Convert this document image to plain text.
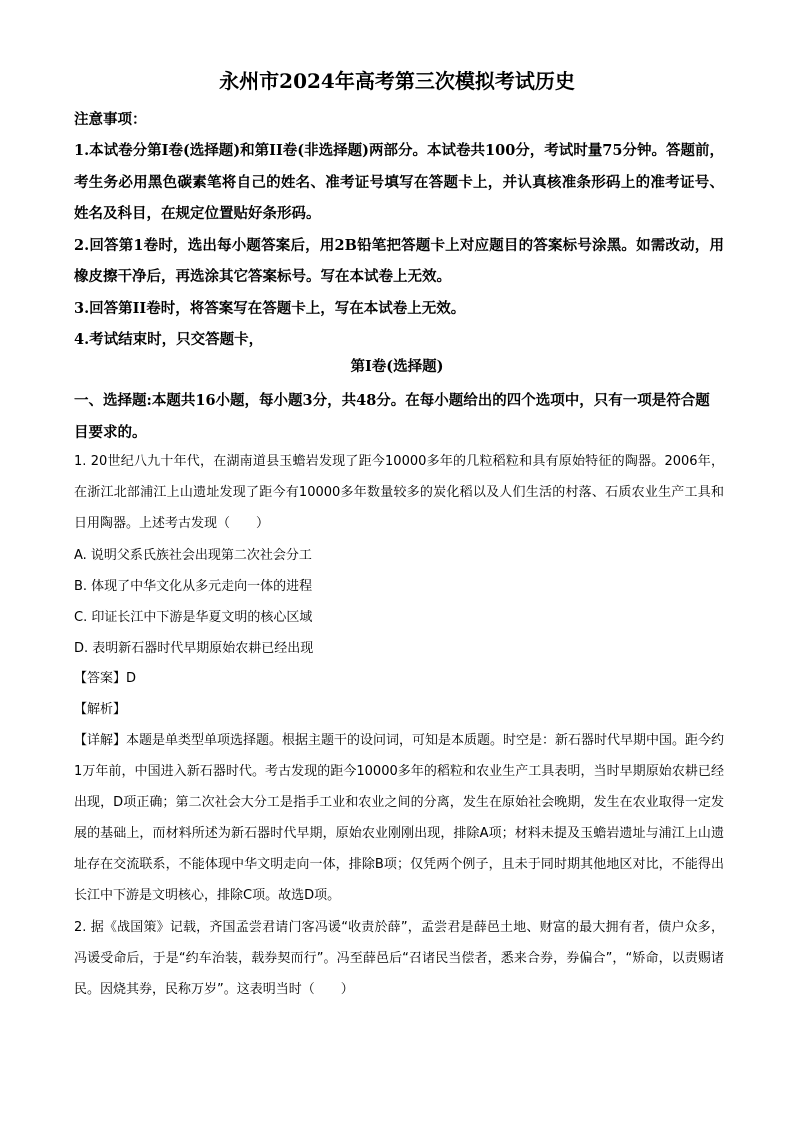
永州市2024年高考第三次模拟考试历史
注意事项：

1.本试卷分第Ⅰ卷(选择题)和第II卷(非选择题)两部分。本试卷共100分，考试时量75分钟。答题前，考生务必用黑色碳素笔将自己的姓名、准考证号填写在答题卡上，并认真核准条形码上的准考证号、姓名及科目，在规定位置贴好条形码。

2.回答第1卷时，选出每小题答案后，用2B铅笔把答题卡上对应题目的答案标号涂黑。如需改动，用橡皮擦干净后，再选涂其它答案标号。写在本试卷上无效。

3.回答第II卷时，将答案写在答题卡上，写在本试卷上无效。

4.考试结束时，只交答题卡，

第Ⅰ卷(选择题)
一、选择题:本题共16小题，每小题3分，共48分。在每小题给出的四个选项中，只有一项是符合题目要求的。

1. 20世纪八九十年代，在湖南道县玉蟾岩发现了距今10000多年的几粒稻粒和具有原始特征的陶器。2006年，在浙江北部浦江上山遗址发现了距今有10000多年数量较多的炭化稻以及人们生活的村落、石质农业生产工具和日用陶器。上述考古发现（　　）

A. 说明父系氏族社会出现第二次社会分工

B. 体现了中华文化从多元走向一体的进程

C. 印证长江中下游是华夏文明的核心区域

D. 表明新石器时代早期原始农耕已经出现

【答案】D

【解析】

【详解】本题是单类型单项选择题。根据主题干的设问词，可知是本质题。时空是：新石器时代早期中国。距今约1万年前，中国进入新石器时代。考古发现的距今10000多年的稻粒和农业生产工具表明，当时早期原始农耕已经出现，D项正确；第二次社会大分工是指手工业和农业之间的分离，发生在原始社会晚期，发生在农业取得一定发展的基础上，而材料所述为新石器时代早期，原始农业刚刚出现，排除A项；材料未提及玉蟾岩遗址与浦江上山遗址存在交流联系，不能体现中华文明走向一体，排除B项；仅凭两个例子，且未于同时期其他地区对比，不能得出长江中下游是文明核心，排除C项。故选D项。

2. 据《战国策》记载，齐国孟尝君请门客冯谖“收责於薛”，孟尝君是薛邑土地、财富的最大拥有者，债户众多，冯谖受命后，于是“约车治装，载券契而行”。冯至薛邑后“召诸民当偿者，悉来合券，券偏合”，“矫命，以责赐诸民。因烧其券，民称万岁”。这表明当时（　　）
